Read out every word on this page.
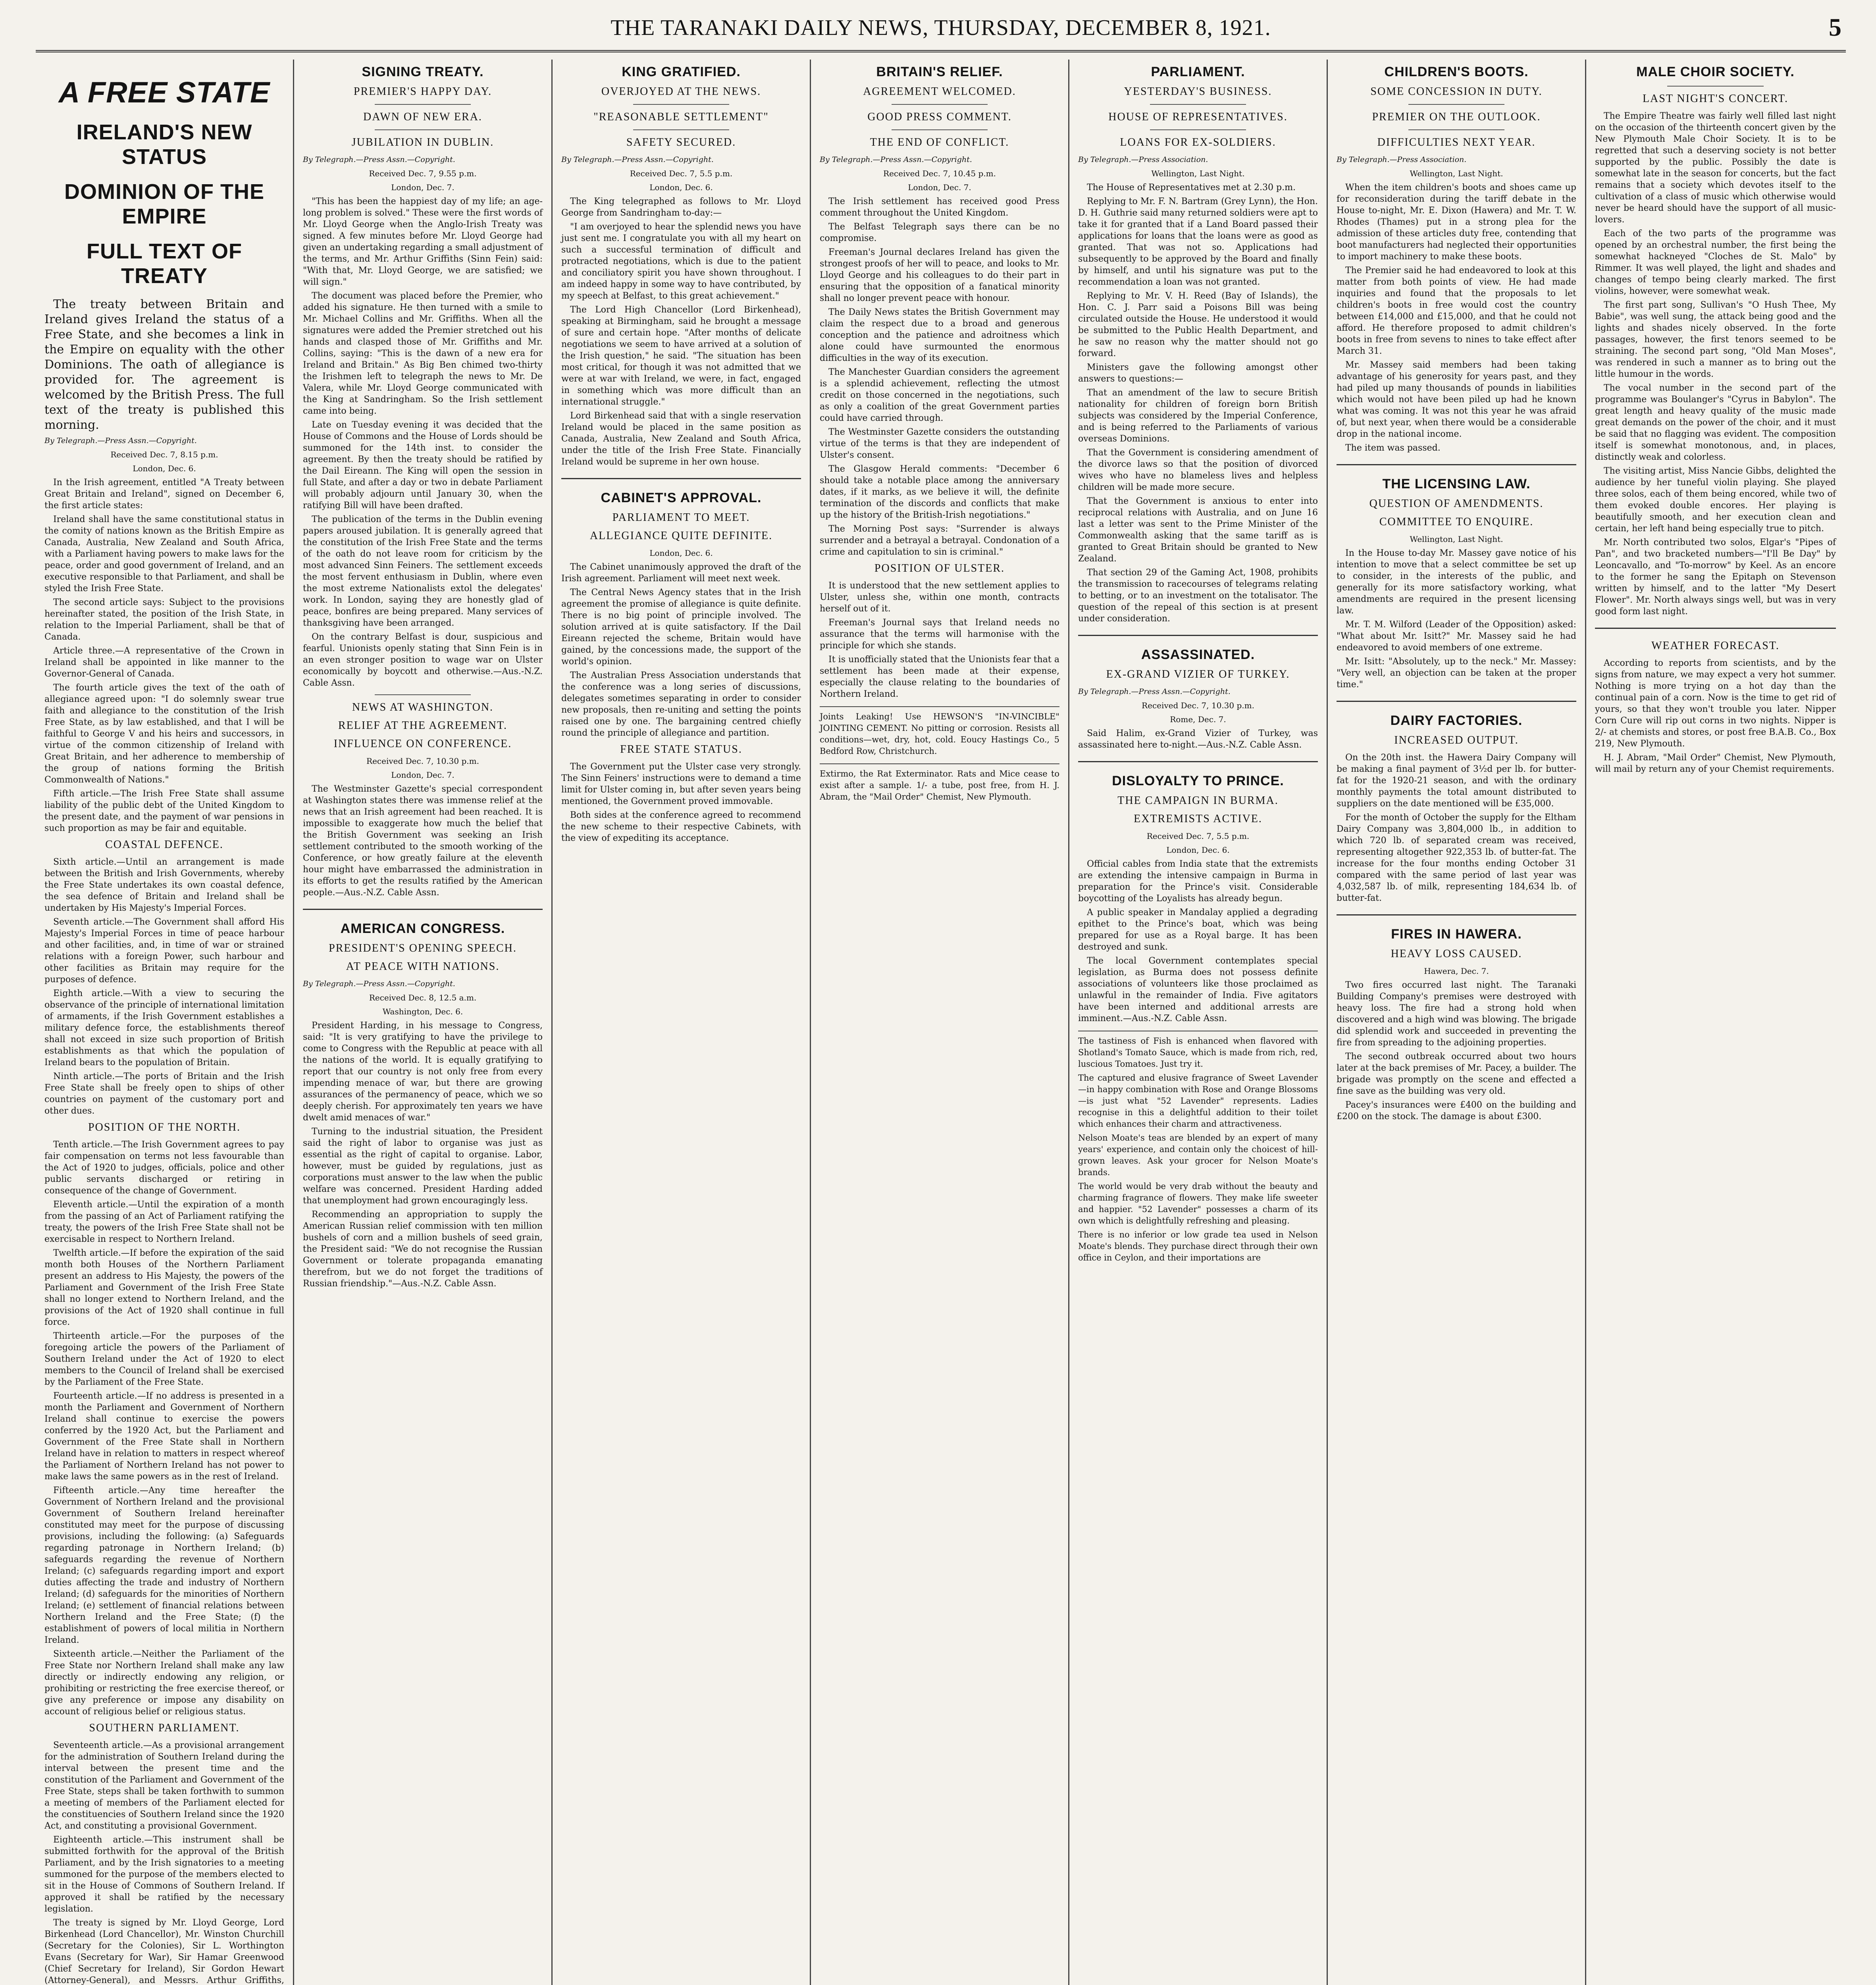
THE TARANAKI DAILY NEWS, THURSDAY, DECEMBER 8, 1921.	5
A FREE STATE
IRELAND'S NEW STATUS
DOMINION OF THE EMPIRE
FULL TEXT OF TREATY

The treaty between Britain and Ireland gives Ireland the status of a Free State, and she becomes a link in the Empire on equality with the other Dominions. The oath of allegiance is provided for. The agreement is welcomed by the British Press. The full text of the treaty is published this morning.

By Telegraph.—Press Assn.—Copyright.

Received Dec. 7, 8.15 p.m.

London, Dec. 6.

In the Irish agreement, entitled "A Treaty between Great Britain and Ireland", signed on December 6, the first article states:

Ireland shall have the same constitutional status in the comity of nations known as the British Empire as Canada, Australia, New Zealand and South Africa, with a Parliament having powers to make laws for the peace, order and good government of Ireland, and an executive responsible to that Parliament, and shall be styled the Irish Free State.

The second article says: Subject to the provisions hereinafter stated, the position of the Irish State, in relation to the Imperial Parliament, shall be that of Canada.

Article three.—A representative of the Crown in Ireland shall be appointed in like manner to the Governor-General of Canada.

The fourth article gives the text of the oath of allegiance agreed upon: "I do solemnly swear true faith and allegiance to the constitution of the Irish Free State, as by law established, and that I will be faithful to George V and his heirs and successors, in virtue of the common citizenship of Ireland with Great Britain, and her adherence to membership of the group of nations forming the British Commonwealth of Nations."

Fifth article.—The Irish Free State shall assume liability of the public debt of the United Kingdom to the present date, and the payment of war pensions in such proportion as may be fair and equitable.

COASTAL DEFENCE.

Sixth article.—Until an arrangement is made between the British and Irish Governments, whereby the Free State undertakes its own coastal defence, the sea defence of Britain and Ireland shall be undertaken by His Majesty's Imperial Forces.

Seventh article.—The Government shall afford His Majesty's Imperial Forces in time of peace harbour and other facilities, and, in time of war or strained relations with a foreign Power, such harbour and other facilities as Britain may require for the purposes of defence.

Eighth article.—With a view to securing the observance of the principle of international limitation of armaments, if the Irish Government establishes a military defence force, the establishments thereof shall not exceed in size such proportion of British establishments as that which the population of Ireland bears to the population of Britain.

Ninth article.—The ports of Britain and the Irish Free State shall be freely open to ships of other countries on payment of the customary port and other dues.

POSITION OF THE NORTH.

Tenth article.—The Irish Government agrees to pay fair compensation on terms not less favourable than the Act of 1920 to judges, officials, police and other public servants discharged or retiring in consequence of the change of Government.

Eleventh article.—Until the expiration of a month from the passing of an Act of Parliament ratifying the treaty, the powers of the Irish Free State shall not be exercisable in respect to Northern Ireland.

Twelfth article.—If before the expiration of the said month both Houses of the Northern Parliament present an address to His Majesty, the powers of the Parliament and Government of the Irish Free State shall no longer extend to Northern Ireland, and the provisions of the Act of 1920 shall continue in full force.

Thirteenth article.—For the purposes of the foregoing article the powers of the Parliament of Southern Ireland under the Act of 1920 to elect members to the Council of Ireland shall be exercised by the Parliament of the Free State.

Fourteenth article.—If no address is presented in a month the Parliament and Government of Northern Ireland shall continue to exercise the powers conferred by the 1920 Act, but the Parliament and Government of the Free State shall in Northern Ireland have in relation to matters in respect whereof the Parliament of Northern Ireland has not power to make laws the same powers as in the rest of Ireland.

Fifteenth article.—Any time hereafter the Government of Northern Ireland and the provisional Government of Southern Ireland hereinafter constituted may meet for the purpose of discussing provisions, including the following: (a) Safeguards regarding patronage in Northern Ireland; (b) safeguards regarding the revenue of Northern Ireland; (c) safeguards regarding import and export duties affecting the trade and industry of Northern Ireland; (d) safeguards for the minorities of Northern Ireland; (e) settlement of financial relations between Northern Ireland and the Free State; (f) the establishment of powers of local militia in Northern Ireland.

Sixteenth article.—Neither the Parliament of the Free State nor Northern Ireland shall make any law directly or indirectly endowing any religion, or prohibiting or restricting the free exercise thereof, or give any preference or impose any disability on account of religious belief or religious status.

SOUTHERN PARLIAMENT.

Seventeenth article.—As a provisional arrangement for the administration of Southern Ireland during the interval between the present time and the constitution of the Parliament and Government of the Free State, steps shall be taken forthwith to summon a meeting of members of the Parliament elected for the constituencies of Southern Ireland since the 1920 Act, and constituting a provisional Government.

Eighteenth article.—This instrument shall be submitted forthwith for the approval of the British Parliament, and by the Irish signatories to a meeting summoned for the purpose of the members elected to sit in the House of Commons of Southern Ireland. If approved it shall be ratified by the necessary legislation.

The treaty is signed by Mr. Lloyd George, Lord Birkenhead (Lord Chancellor), Mr. Winston Churchill (Secretary for the Colonies), Sir L. Worthington Evans (Secretary for War), Sir Hamar Greenwood (Chief Secretary for Ireland), Sir Gordon Hewart (Attorney-General), and Messrs. Arthur Griffiths,

SIGNING TREATY.
PREMIER'S HAPPY DAY.
DAWN OF NEW ERA.
JUBILATION IN DUBLIN.

By Telegraph.—Press Assn.—Copyright.

Received Dec. 7, 9.55 p.m.

London, Dec. 7.

"This has been the happiest day of my life; an age-long problem is solved." These were the first words of Mr. Lloyd George when the Anglo-Irish Treaty was signed. A few minutes before Mr. Lloyd George had given an undertaking regarding a small adjustment of the terms, and Mr. Arthur Griffiths (Sinn Fein) said: "With that, Mr. Lloyd George, we are satisfied; we will sign."

The document was placed before the Premier, who added his signature. He then turned with a smile to Mr. Michael Collins and Mr. Griffiths. When all the signatures were added the Premier stretched out his hands and clasped those of Mr. Griffiths and Mr. Collins, saying: "This is the dawn of a new era for Ireland and Britain." As Big Ben chimed two-thirty the Irishmen left to telegraph the news to Mr. De Valera, while Mr. Lloyd George communicated with the King at Sandringham. So the Irish settlement came into being.

Late on Tuesday evening it was decided that the House of Commons and the House of Lords should be summoned for the 14th inst. to consider the agreement. By then the treaty should be ratified by the Dail Eireann. The King will open the session in full State, and after a day or two in debate Parliament will probably adjourn until January 30, when the ratifying Bill will have been drafted.

The publication of the terms in the Dublin evening papers aroused jubilation. It is generally agreed that the constitution of the Irish Free State and the terms of the oath do not leave room for criticism by the most advanced Sinn Feiners. The settlement exceeds the most fervent enthusiasm in Dublin, where even the most extreme Nationalists extol the delegates' work. In London, saying they are honestly glad of peace, bonfires are being prepared. Many services of thanksgiving have been arranged.

On the contrary Belfast is dour, suspicious and fearful. Unionists openly stating that Sinn Fein is in an even stronger position to wage war on Ulster economically by boycott and otherwise.—Aus.-N.Z. Cable Assn.

NEWS AT WASHINGTON.
RELIEF AT THE AGREEMENT.
INFLUENCE ON CONFERENCE.

Received Dec. 7, 10.30 p.m.

London, Dec. 7.

The Westminster Gazette's special correspondent at Washington states there was immense relief at the news that an Irish agreement had been reached. It is impossible to exaggerate how much the belief that the British Government was seeking an Irish settlement contributed to the smooth working of the Conference, or how greatly failure at the eleventh hour might have embarrassed the administration in its efforts to get the results ratified by the American people.—Aus.-N.Z. Cable Assn.

AMERICAN CONGRESS.
PRESIDENT'S OPENING SPEECH.
AT PEACE WITH NATIONS.

By Telegraph.—Press Assn.—Copyright.

Received Dec. 8, 12.5 a.m.

Washington, Dec. 6.

President Harding, in his message to Congress, said: "It is very gratifying to have the privilege to come to Congress with the Republic at peace with all the nations of the world. It is equally gratifying to report that our country is not only free from every impending menace of war, but there are growing assurances of the permanency of peace, which we so deeply cherish. For approximately ten years we have dwelt amid menaces of war."

Turning to the industrial situation, the President said the right of labor to organise was just as essential as the right of capital to organise. Labor, however, must be guided by regulations, just as corporations must answer to the law when the public welfare was concerned. President Harding added that unemployment had grown encouragingly less.

Recommending an appropriation to supply the American Russian relief commission with ten million bushels of corn and a million bushels of seed grain, the President said: "We do not recognise the Russian Government or tolerate propaganda emanating therefrom, but we do not forget the traditions of Russian friendship."—Aus.-N.Z. Cable Assn.

KING GRATIFIED.
OVERJOYED AT THE NEWS.
"REASONABLE SETTLEMENT"
SAFETY SECURED.

By Telegraph.—Press Assn.—Copyright.

Received Dec. 7, 5.5 p.m.

London, Dec. 6.

The King telegraphed as follows to Mr. Lloyd George from Sandringham to-day:—

"I am overjoyed to hear the splendid news you have just sent me. I congratulate you with all my heart on such a successful termination of difficult and protracted negotiations, which is due to the patient and conciliatory spirit you have shown throughout. I am indeed happy in some way to have contributed, by my speech at Belfast, to this great achievement."

The Lord High Chancellor (Lord Birkenhead), speaking at Birmingham, said he brought a message of sure and certain hope. "After months of delicate negotiations we seem to have arrived at a solution of the Irish question," he said. "The situation has been most critical, for though it was not admitted that we were at war with Ireland, we were, in fact, engaged in something which was more difficult than an international struggle."

Lord Birkenhead said that with a single reservation Ireland would be placed in the same position as Canada, Australia, New Zealand and South Africa, under the title of the Irish Free State. Financially Ireland would be supreme in her own house.

CABINET'S APPROVAL.
PARLIAMENT TO MEET.
ALLEGIANCE QUITE DEFINITE.

London, Dec. 6.

The Cabinet unanimously approved the draft of the Irish agreement. Parliament will meet next week.

The Central News Agency states that in the Irish agreement the promise of allegiance is quite definite. There is no big point of principle involved. The solution arrived at is quite satisfactory. If the Dail Eireann rejected the scheme, Britain would have gained, by the concessions made, the support of the world's opinion.

The Australian Press Association understands that the conference was a long series of discussions, delegates sometimes separating in order to consider new proposals, then re-uniting and setting the points raised one by one. The bargaining centred chiefly round the principle of allegiance and partition.

FREE STATE STATUS.

The Government put the Ulster case very strongly. The Sinn Feiners' instructions were to demand a time limit for Ulster coming in, but after seven years being mentioned, the Government proved immovable.

Both sides at the conference agreed to recommend the new scheme to their respective Cabinets, with the view of expediting its acceptance.

BRITAIN'S RELIEF.
AGREEMENT WELCOMED.
GOOD PRESS COMMENT.
THE END OF CONFLICT.

By Telegraph.—Press Assn.—Copyright.

Received Dec. 7, 10.45 p.m.

London, Dec. 7.

The Irish settlement has received good Press comment throughout the United Kingdom.

The Belfast Telegraph says there can be no compromise.

Freeman's Journal declares Ireland has given the strongest proofs of her will to peace, and looks to Mr. Lloyd George and his colleagues to do their part in ensuring that the opposition of a fanatical minority shall no longer prevent peace with honour.

The Daily News states the British Government may claim the respect due to a broad and generous conception and the patience and adroitness which alone could have surmounted the enormous difficulties in the way of its execution.

The Manchester Guardian considers the agreement is a splendid achievement, reflecting the utmost credit on those concerned in the negotiations, such as only a coalition of the great Government parties could have carried through.

The Westminster Gazette considers the outstanding virtue of the terms is that they are independent of Ulster's consent.

The Glasgow Herald comments: "December 6 should take a notable place among the anniversary dates, if it marks, as we believe it will, the definite termination of the discords and conflicts that make up the history of the British-Irish negotiations."

The Morning Post says: "Surrender is always surrender and a betrayal a betrayal. Condonation of a crime and capitulation to sin is criminal."

POSITION OF ULSTER.

It is understood that the new settlement applies to Ulster, unless she, within one month, contracts herself out of it.

Freeman's Journal says that Ireland needs no assurance that the terms will harmonise with the principle for which she stands.

It is unofficially stated that the Unionists fear that a settlement has been made at their expense, especially the clause relating to the boundaries of Northern Ireland.

Joints Leaking! Use HEWSON'S "IN-VINCIBLE" JOINTING CEMENT. No pitting or corrosion. Resists all conditions—wet, dry, hot, cold. Eoucy Hastings Co., 5 Bedford Row, Christchurch.

Extirmo, the Rat Exterminator. Rats and Mice cease to exist after a sample. 1/- a tube, post free, from H. J. Abram, the "Mail Order" Chemist, New Plymouth.

PARLIAMENT.
YESTERDAY'S BUSINESS.
HOUSE OF REPRESENTATIVES.
LOANS FOR EX-SOLDIERS.

By Telegraph.—Press Association.

Wellington, Last Night.

The House of Representatives met at 2.30 p.m.

Replying to Mr. F. N. Bartram (Grey Lynn), the Hon. D. H. Guthrie said many returned soldiers were apt to take it for granted that if a Land Board passed their applications for loans that the loans were as good as granted. That was not so. Applications had subsequently to be approved by the Board and finally by himself, and until his signature was put to the recommendation a loan was not granted.

Replying to Mr. V. H. Reed (Bay of Islands), the Hon. C. J. Parr said a Poisons Bill was being circulated outside the House. He understood it would be submitted to the Public Health Department, and he saw no reason why the matter should not go forward.

Ministers gave the following amongst other answers to questions:—

That an amendment of the law to secure British nationality for children of foreign born British subjects was considered by the Imperial Conference, and is being referred to the Parliaments of various overseas Dominions.

That the Government is considering amendment of the divorce laws so that the position of divorced wives who have no blameless lives and helpless children will be made more secure.

That the Government is anxious to enter into reciprocal relations with Australia, and on June 16 last a letter was sent to the Prime Minister of the Commonwealth asking that the same tariff as is granted to Great Britain should be granted to New Zealand.

That section 29 of the Gaming Act, 1908, prohibits the transmission to racecourses of telegrams relating to betting, or to an investment on the totalisator. The question of the repeal of this section is at present under consideration.

ASSASSINATED.
EX-GRAND VIZIER OF TURKEY.

By Telegraph.—Press Assn.—Copyright.

Received Dec. 7, 10.30 p.m.

Rome, Dec. 7.

Said Halim, ex-Grand Vizier of Turkey, was assassinated here to-night.—Aus.-N.Z. Cable Assn.

DISLOYALTY TO PRINCE.
THE CAMPAIGN IN BURMA.
EXTREMISTS ACTIVE.

Received Dec. 7, 5.5 p.m.

London, Dec. 6.

Official cables from India state that the extremists are extending the intensive campaign in Burma in preparation for the Prince's visit. Considerable boycotting of the Loyalists has already begun.

A public speaker in Mandalay applied a degrading epithet to the Prince's boat, which was being prepared for use as a Royal barge. It has been destroyed and sunk.

The local Government contemplates special legislation, as Burma does not possess definite associations of volunteers like those proclaimed as unlawful in the remainder of India. Five agitators have been interned and additional arrests are imminent.—Aus.-N.Z. Cable Assn.

The tastiness of Fish is enhanced when flavored with Shotland's Tomato Sauce, which is made from rich, red, luscious Tomatoes. Just try it.

The captured and elusive fragrance of Sweet Lavender—in happy combination with Rose and Orange Blossoms—is just what "52 Lavender" represents. Ladies recognise in this a delightful addition to their toilet which enhances their charm and attractiveness.

Nelson Moate's teas are blended by an expert of many years' experience, and contain only the choicest of hill-grown leaves. Ask your grocer for Nelson Moate's brands.

The world would be very drab without the beauty and charming fragrance of flowers. They make life sweeter and happier. "52 Lavender" possesses a charm of its own which is delightfully refreshing and pleasing.

There is no inferior or low grade tea used in Nelson Moate's blends. They purchase direct through their own office in Ceylon, and their importations are

CHILDREN'S BOOTS.
SOME CONCESSION IN DUTY.
PREMIER ON THE OUTLOOK.
DIFFICULTIES NEXT YEAR.

By Telegraph.—Press Association.

Wellington, Last Night.

When the item children's boots and shoes came up for reconsideration during the tariff debate in the House to-night, Mr. E. Dixon (Hawera) and Mr. T. W. Rhodes (Thames) put in a strong plea for the admission of these articles duty free, contending that boot manufacturers had neglected their opportunities to import machinery to make these boots.

The Premier said he had endeavored to look at this matter from both points of view. He had made inquiries and found that the proposals to let children's boots in free would cost the country between £14,000 and £15,000, and that he could not afford. He therefore proposed to admit children's boots in free from sevens to nines to take effect after March 31.

Mr. Massey said members had been taking advantage of his generosity for years past, and they had piled up many thousands of pounds in liabilities which would not have been piled up had he known what was coming. It was not this year he was afraid of, but next year, when there would be a considerable drop in the national income.

The item was passed.

THE LICENSING LAW.
QUESTION OF AMENDMENTS.
COMMITTEE TO ENQUIRE.

Wellington, Last Night.

In the House to-day Mr. Massey gave notice of his intention to move that a select committee be set up to consider, in the interests of the public, and generally for its more satisfactory working, what amendments are required in the present licensing law.

Mr. T. M. Wilford (Leader of the Opposition) asked: "What about Mr. Isitt?" Mr. Massey said he had endeavored to avoid members of one extreme.

Mr. Isitt: "Absolutely, up to the neck." Mr. Massey: "Very well, an objection can be taken at the proper time."

DAIRY FACTORIES.
INCREASED OUTPUT.

On the 20th inst. the Hawera Dairy Company will be making a final payment of 3½d per lb. for butter-fat for the 1920-21 season, and with the ordinary monthly payments the total amount distributed to suppliers on the date mentioned will be £35,000.

For the month of October the supply for the Eltham Dairy Company was 3,804,000 lb., in addition to which 720 lb. of separated cream was received, representing altogether 922,353 lb. of butter-fat. The increase for the four months ending October 31 compared with the same period of last year was 4,032,587 lb. of milk, representing 184,634 lb. of butter-fat.

FIRES IN HAWERA.
HEAVY LOSS CAUSED.

Hawera, Dec. 7.

Two fires occurred last night. The Taranaki Building Company's premises were destroyed with heavy loss. The fire had a strong hold when discovered and a high wind was blowing. The brigade did splendid work and succeeded in preventing the fire from spreading to the adjoining properties.

The second outbreak occurred about two hours later at the back premises of Mr. Pacey, a builder. The brigade was promptly on the scene and effected a fine save as the building was very old.

Pacey's insurances were £400 on the building and £200 on the stock. The damage is about £300.

MALE CHOIR SOCIETY.
LAST NIGHT'S CONCERT.

The Empire Theatre was fairly well filled last night on the occasion of the thirteenth concert given by the New Plymouth Male Choir Society. It is to be regretted that such a deserving society is not better supported by the public. Possibly the date is somewhat late in the season for concerts, but the fact remains that a society which devotes itself to the cultivation of a class of music which otherwise would never be heard should have the support of all music-lovers.

Each of the two parts of the programme was opened by an orchestral number, the first being the somewhat hackneyed "Cloches de St. Malo" by Rimmer. It was well played, the light and shades and changes of tempo being clearly marked. The first violins, however, were somewhat weak.

The first part song, Sullivan's "O Hush Thee, My Babie", was well sung, the attack being good and the lights and shades nicely observed. In the forte passages, however, the first tenors seemed to be straining. The second part song, "Old Man Moses", was rendered in such a manner as to bring out the little humour in the words.

The vocal number in the second part of the programme was Boulanger's "Cyrus in Babylon". The great length and heavy quality of the music made great demands on the power of the choir, and it must be said that no flagging was evident. The composition itself is somewhat monotonous, and, in places, distinctly weak and colorless.

The visiting artist, Miss Nancie Gibbs, delighted the audience by her tuneful violin playing. She played three solos, each of them being encored, while two of them evoked double encores. Her playing is beautifully smooth, and her execution clean and certain, her left hand being especially true to pitch.

Mr. North contributed two solos, Elgar's "Pipes of Pan", and two bracketed numbers—"I'll Be Day" by Leoncavallo, and "To-morrow" by Keel. As an encore to the former he sang the Epitaph on Stevenson written by himself, and to the latter "My Desert Flower". Mr. North always sings well, but was in very good form last night.

WEATHER FORECAST.

According to reports from scientists, and by the signs from nature, we may expect a very hot summer. Nothing is more trying on a hot day than the continual pain of a corn. Now is the time to get rid of yours, so that they won't trouble you later. Nipper Corn Cure will rip out corns in two nights. Nipper is 2/- at chemists and stores, or post free B.A.B. Co., Box 219, New Plymouth.

H. J. Abram, "Mail Order" Chemist, New Plymouth, will mail by return any of your Chemist requirements.
